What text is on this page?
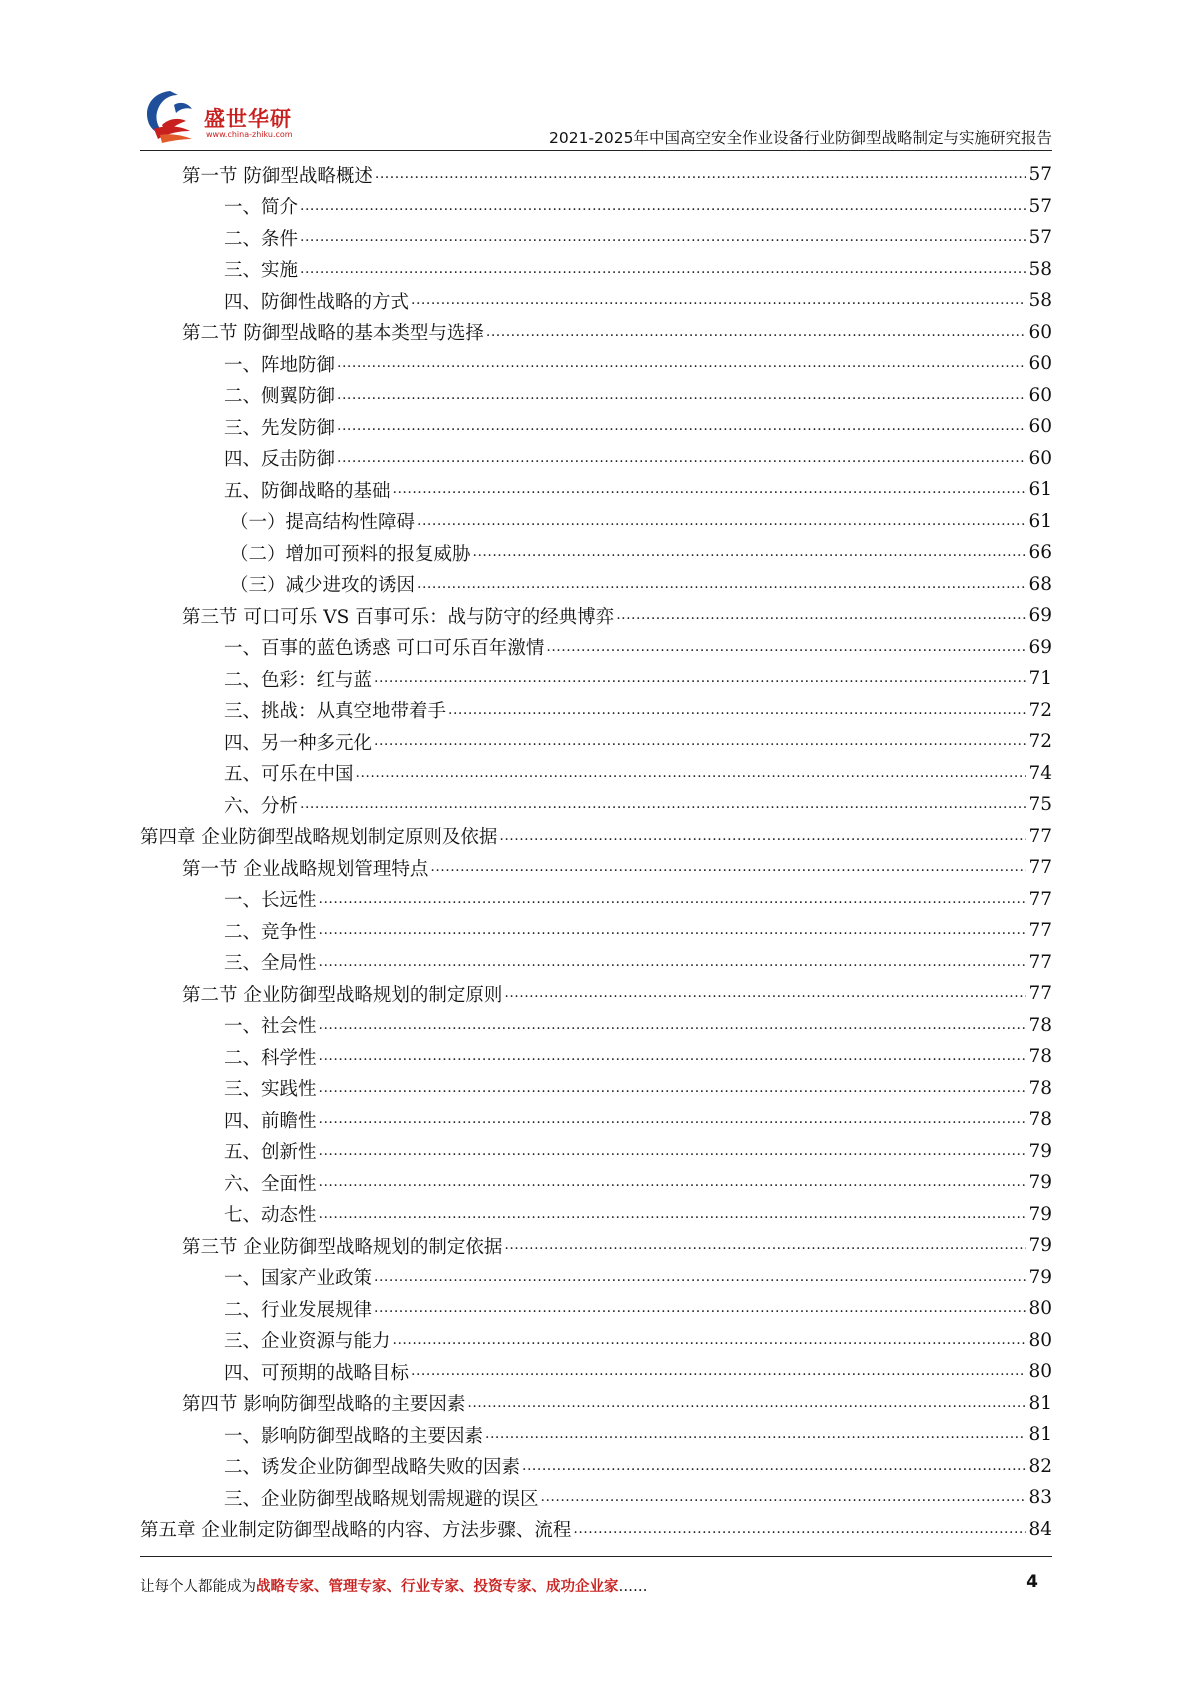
盛世华研
www.china-zhiku.com	2021-2025年中国高空安全作业设备行业防御型战略制定与实施研究报告
第一节 防御型战略概述 .....	57
一、简介 .....	57
二、条件 .....	57
三、实施 .....	58
四、防御性战略的方式 .....	58
第二节 防御型战略的基本类型与选择 .....	60
一、阵地防御 .....	60
二、侧翼防御 .....	60
三、先发防御 .....	60
四、反击防御 .....	60
五、防御战略的基础 .....	61
（一）提高结构性障碍 .....	61
（二）增加可预料的报复威胁 .....	66
（三）减少进攻的诱因 .....	68
第三节 可口可乐 VS 百事可乐：战与防守的经典博弈 .....	69
一、百事的蓝色诱惑 可口可乐百年激情 .....	69
二、色彩：红与蓝 .....	71
三、挑战：从真空地带着手 .....	72
四、另一种多元化 .....	72
五、可乐在中国 .....	74
六、分析 .....	75
第四章 企业防御型战略规划制定原则及依据 .....	77
第一节 企业战略规划管理特点 .....	77
一、长远性 .....	77
二、竞争性 .....	77
三、全局性 .....	77
第二节 企业防御型战略规划的制定原则 .....	77
一、社会性 .....	78
二、科学性 .....	78
三、实践性 .....	78
四、前瞻性 .....	78
五、创新性 .....	79
六、全面性 .....	79
七、动态性 .....	79
第三节 企业防御型战略规划的制定依据 .....	79
一、国家产业政策 .....	79
二、行业发展规律 .....	80
三、企业资源与能力 .....	80
四、可预期的战略目标 .....	80
第四节 影响防御型战略的主要因素 .....	81
一、影响防御型战略的主要因素 .....	81
二、诱发企业防御型战略失败的因素 .....	82
三、企业防御型战略规划需规避的误区 .....	83
第五章 企业制定防御型战略的内容、方法步骤、流程 .....	84
让每个人都能成为战略专家、管理专家、行业专家、投资专家、成功企业家……	4
